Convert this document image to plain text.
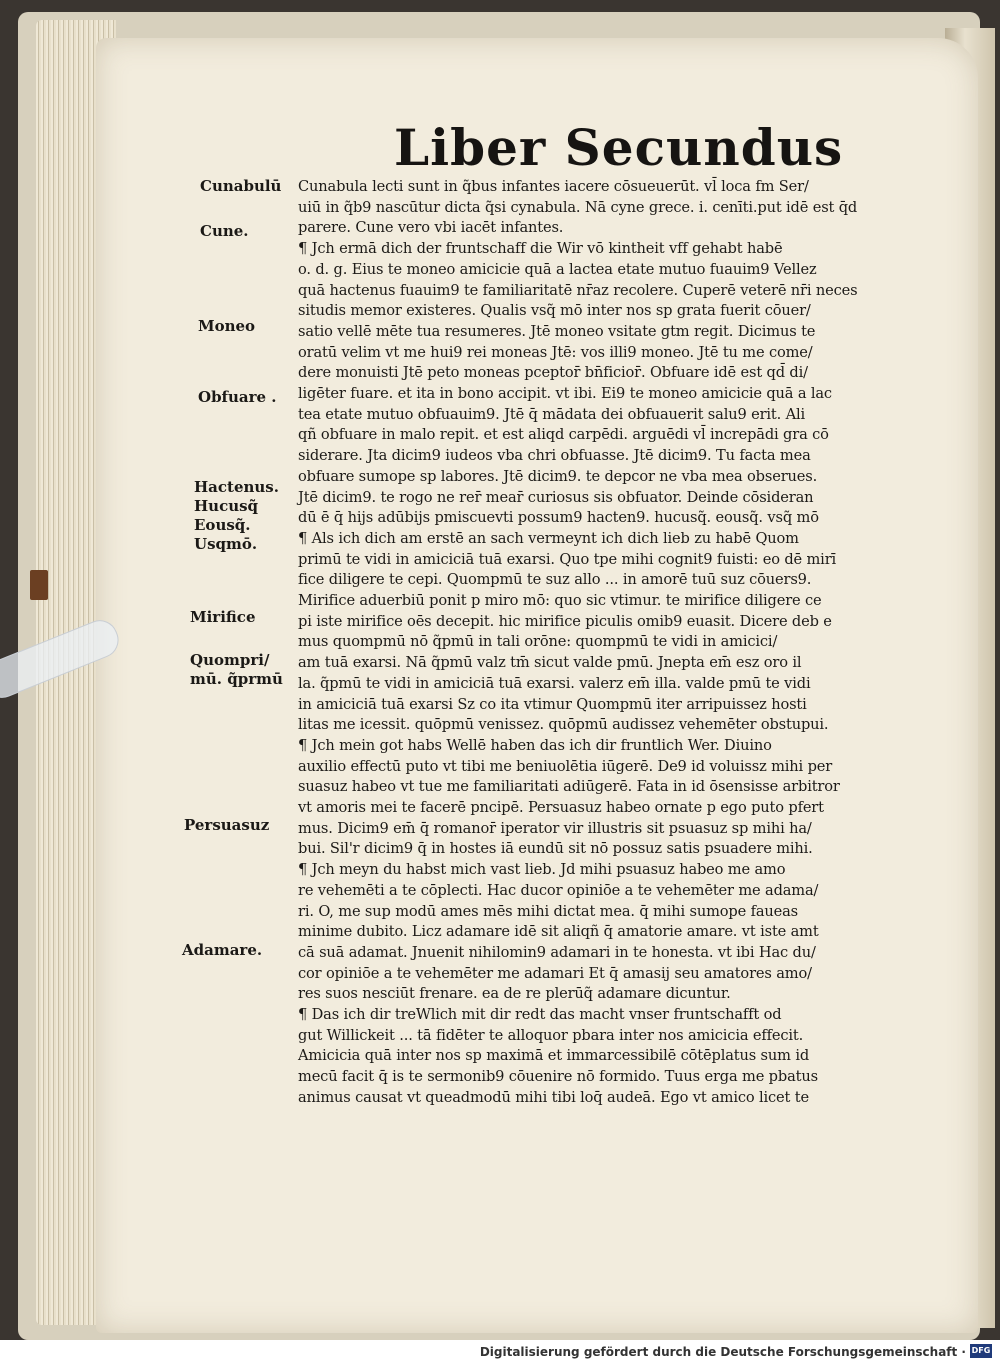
Liber Secundus
Cunabulū
Cune.
Moneo
Obfuare .
Hactenus.
Hucusq̃
Eousq̃.
Usqmō.
Mirifice
Quompri/
mū. q̃prmū
Persuasuz
Adamare.
Cunabula lecti sunt in q̃bus infantes iacere cōsueuerūt. vl̄ loca fm Ser/
uiū in q̃b9 nascūtur dicta q̃si cynabula. Nā cyne grece. i. cenīti.put idē est q̄d
parere. Cune vero vbi iacēt infantes.
¶ Jch ermā dich der fruntschaff die Wir vō kintheit vff gehabt habē
o. d. g. Eius te moneo amicicie quā a lactea etate mutuo fuauim9 Vellez
quā hactenus fuauim9 te familiaritatē nr̄az recolere. Cuperē veterē nr̄i neces
situdis memor existeres. Qualis vsq̃ mō inter nos sp grata fuerit cōuer/
satio vellē mēte tua resumeres. Jtē moneo vsitate gtm regit. Dicimus te
oratū velim vt me hui9 rei moneas Jtē: vos illi9 moneo. Jtē tu me come/
dere monuisti Jtē peto moneas pceptor̄ bn̄ficior̄. Obfuare idē est qd̄ di/
ligēter fuare. et ita in bono accipit. vt ibi. Ei9 te moneo amicicie quā a lac
tea etate mutuo obfuauim9. Jtē q̄ mādata dei obfuauerit salu9 erit. Ali
qñ obfuare in malo repit. et est aliqd carpēdi. arguēdi vl̄ increpādi gra cō
siderare. Jta dicim9 iudeos vba chri obfuasse. Jtē dicim9. Tu facta mea
obfuare sumope sp labores. Jtē dicim9. te depcor ne vba mea obserues.
Jtē dicim9. te rogo ne rer̄ mear̄ curiosus sis obfuator. Deinde cōsideran
dū ē q̄ hijs adūbijs pmiscuevti possum9 hacten9. hucusq̃. eousq̃. vsq̃ mō
¶ Als ich dich am erstē an sach vermeynt ich dich lieb zu habē Quom
primū te vidi in amiciciā tuā exarsi. Quo tpe mihi cognit9 fuisti: eo dē mirī
fice diligere te cepi. Quompmū te suz allo ... in amorē tuū suz cōuers9.
Mirifice aduerbiū ponit p miro mō: quo sic vtimur. te mirifice diligere ce
pi iste mirifice oēs decepit. hic mirifice piculis omib9 euasit. Dicere deb e
mus quompmū nō q̃pmū in tali orōne: quompmū te vidi in amicici/
am tuā exarsi. Nā q̃pmū valz tm̄ sicut valde pmū. Jnepta em̄ esz oro il
la. q̃pmū te vidi in amiciciā tuā exarsi. valerz em̄ illa. valde pmū te vidi
in amiciciā tuā exarsi Sz co ita vtimur Quompmū iter arripuissez hosti
litas me icessit. quōpmū venissez. quōpmū audissez vehemēter obstupui.
¶ Jch mein got habs Wellē haben das ich dir fruntlich Wer. Diuino
auxilio effectū puto vt tibi me beniuolētia iūgerē. De9 id voluissz mihi per
suasuz habeo vt tue me familiaritati adiūgerē. Fata in id ōsensisse arbitror
vt amoris mei te facerē pncipē. Persuasuz habeo ornate p ego puto pfert
mus. Dicim9 em̄ q̄ romanor̄ iperator vir illustris sit psuasuz sp mihi ha/
bui. Sil'r dicim9 q̄ in hostes iā eundū sit nō possuz satis psuadere mihi.
¶ Jch meyn du habst mich vast lieb. Jd mihi psuasuz habeo me amo
re vehemēti a te cōplecti. Hac ducor opiniōe a te vehemēter me adama/
ri. O, me sup modū ames mēs mihi dictat mea. q̄ mihi sumope faueas
minime dubito. Licz adamare idē sit aliqñ q̄ amatorie amare. vt iste amt
cā suā adamat. Jnuenit nihilomin9 adamari in te honesta. vt ibi Hac du/
cor opiniōe a te vehemēter me adamari Et q̄ amasij seu amatores amo/
res suos nesciūt frenare. ea de re plerūq̃ adamare dicuntur.
¶ Das ich dir treWlich mit dir redt das macht vnser fruntschafft od
gut Willickeit ... tā fidēter te alloquor pbara inter nos amicicia effecit.
Amicicia quā inter nos sp maximā et immarcessibilē cōtēplatus sum id
mecū facit q̄ is te sermonib9 cōuenire nō formido. Tuus erga me pbatus
animus causat vt queadmodū mihi tibi loq̄ audeā. Ego vt amico licet te
Digitalisierung gefördert durch die Deutsche Forschungsgemeinschaft · DFG
